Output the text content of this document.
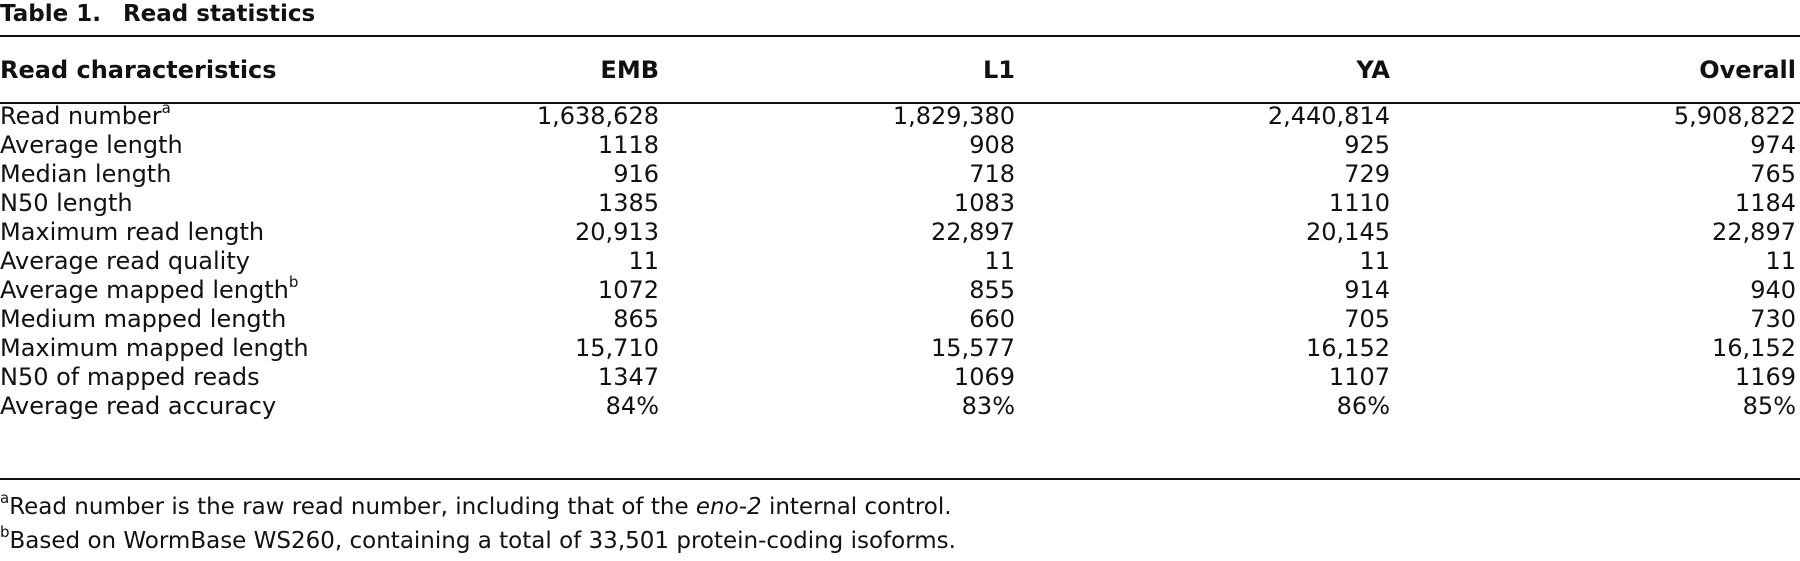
Table 1. Read statistics

Read characteristics	EMB	L1	YA	Overall

Read number$^a$	1,638,628	1,829,380	2,440,814	5,908,822
Average length	1118	908	925	974
Median length	916	718	729	765
N50 length	1385	1083	1110	1184
Maximum read length	20,913	22,897	20,145	22,897
Average read quality	11	11	11	11
Average mapped length$^b$	1072	855	914	940
Medium mapped length	865	660	705	730
Maximum mapped length	15,710	15,577	16,152	16,152
N50 of mapped reads	1347	1069	1107	1169
Average read accuracy	84%	83%	86%	85%
$^a$Read number is the raw read number, including that of the eno-2 internal control.
$^b$Based on WormBase WS260, containing a total of 33,501 protein-coding isoforms.
